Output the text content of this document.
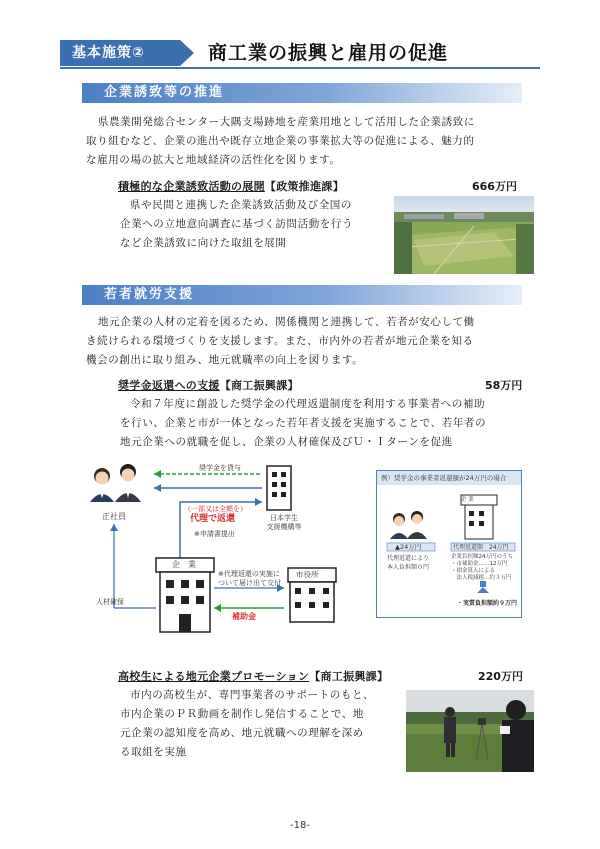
基本施策②	商工業の振興と雇用の促進
企業誘致等の推進
県農業開発総合センター大隅支場跡地を産業用地として活用した企業誘致に
取り組むなど、企業の進出や既存立地企業の事業拡大等の促進による、魅力的
な雇用の場の拡大と地域経済の活性化を図ります。
積極的な企業誘致活動の展開【政策推進課】	666万円
県や民間と連携した企業誘致活動及び全国の
企業への立地意向調査に基づく訪問活動を行う
など企業誘致に向けた取組を展開
若者就労支援
地元企業の人材の定着を図るため、関係機関と連携して、若者が安心して働
き続けられる環境づくりを支援します。また、市内外の若者が地元企業を知る
機会の創出に取り組み、地元就職率の向上を図ります。
奨学金返還への支援【商工振興課】	58万円
令和７年度に創設した奨学金の代理返還制度を利用する事業者への補助
を行い、企業と市が一体となった若年者支援を実施することで、若年者の
地元企業への就職を促し、企業の人材確保及びＵ・Ｉターンを促進
正社員
奨学金を貸与
日本学生
支援機構等
（一部又は全額を）
代理で返還
※申請書提出
企　業
人材確保
※代理返還の実施に
ついて届け出て交付
市役所
補助金
例）奨学金の事業者返還額が24万円の場合
企 業
▲24万円
代理返還により
本人負担額０円
代理返還額　24万円
企業負担額24万円のうち
・市補助金……12万円
・損金算入による
　法人税減税…約３万円
・実質負担額約９万円
高校生による地元企業プロモーション【商工振興課】	220万円
市内の高校生が、専門事業者のサポートのもと、
市内企業のＰＲ動画を制作し発信することで、地
元企業の認知度を高め、地元就職への理解を深め
る取組を実施
-18-
